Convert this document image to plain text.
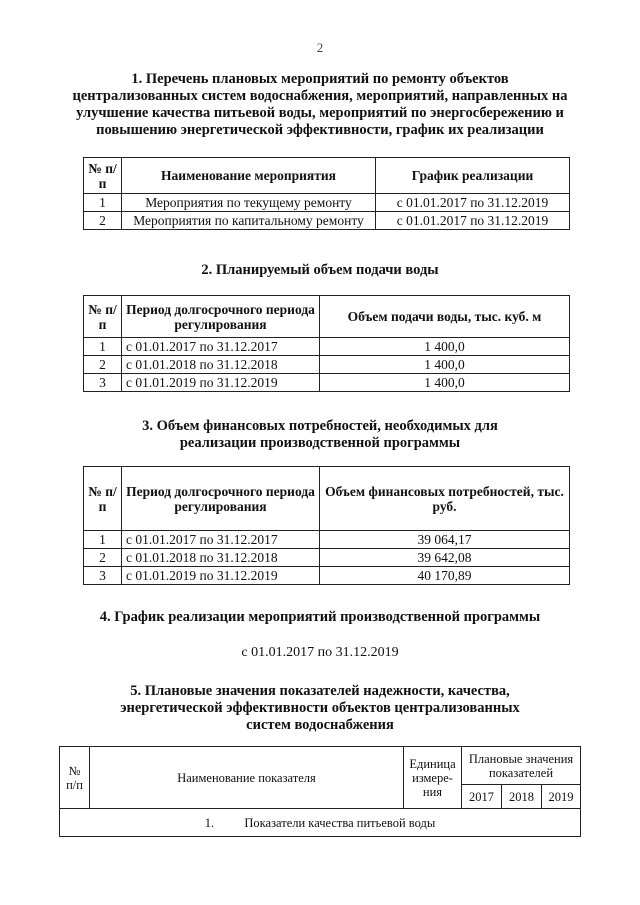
2
1. Перечень плановых мероприятий по ремонту объектов
централизованных систем водоснабжения, мероприятий, направленных на
улучшение качества питьевой воды, мероприятий по энергосбережению и
повышению энергетической эффективности, график их реализации
№ п/п	Наименование мероприятия	График реализации
1	Мероприятия по текущему ремонту	с 01.01.2017 по 31.12.2019
2	Мероприятия по капитальному ремонту	с 01.01.2017 по 31.12.2019
2. Планируемый объем подачи воды
№ п/п	Период долгосрочного периода регулирования	Объем подачи воды, тыс. куб. м
1	с 01.01.2017 по 31.12.2017	1 400,0
2	с 01.01.2018 по 31.12.2018	1 400,0
3	с 01.01.2019 по 31.12.2019	1 400,0
3. Объем финансовых потребностей, необходимых для
реализации производственной программы
№ п/п	Период долгосрочного периода регулирования	Объем финансовых потребностей, тыс. руб.
1	с 01.01.2017 по 31.12.2017	39 064,17
2	с 01.01.2018 по 31.12.2018	39 642,08
3	с 01.01.2019 по 31.12.2019	40 170,89
4. График реализации мероприятий производственной программы
с 01.01.2017 по 31.12.2019
5. Плановые значения показателей надежности, качества,
энергетической эффективности объектов централизованных
систем водоснабжения
№ п/п	Наименование показателя	Единица измере-ния	Плановые значения показателей		
			2017	2018	2019
1. Показатели качества питьевой воды					
